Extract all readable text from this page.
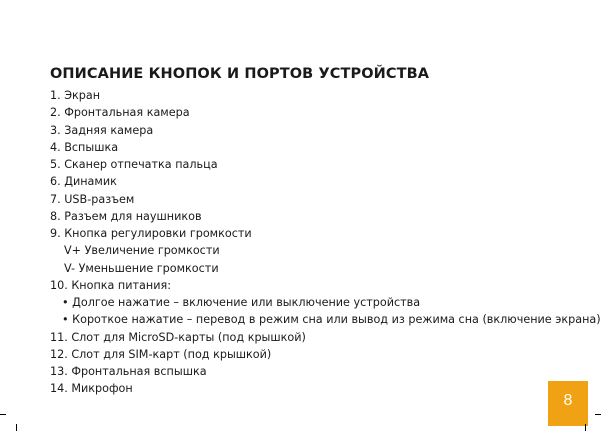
ОПИСАНИЕ КНОПОК И ПОРТОВ УСТРОЙСТВА
1. Экран
2. Фронтальная камера
3. Задняя камера
4. Вспышка
5. Сканер отпечатка пальца
6. Динамик
7. USB-разъем
8. Разъем для наушников
9. Кнопка регулировки громкости
V+ Увеличение громкости
V- Уменьшение громкости
10. Кнопка питания:
• Долгое нажатие – включение или выключение устройства
• Короткое нажатие – перевод в режим сна или вывод из режима сна (включение экрана)
11. Слот для MicroSD-карты (под крышкой)
12. Слот для SIM-карт (под крышкой)
13. Фронтальная вспышка
14. Микрофон
8
